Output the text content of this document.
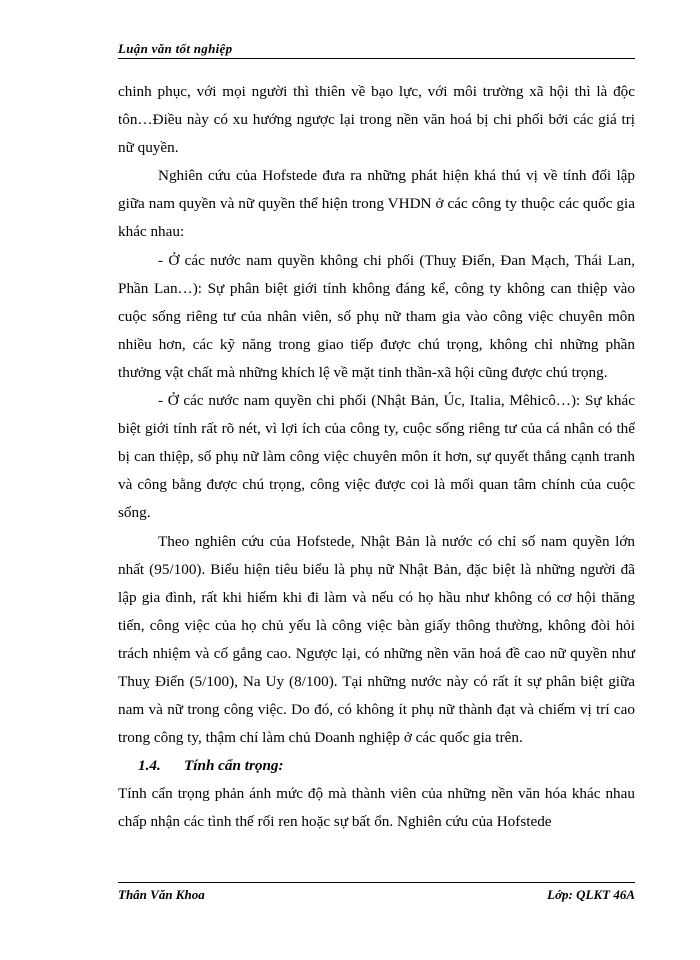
Luận văn tốt nghiệp

chinh phục, với mọi người thì thiên về bạo lực, với môi trường xã hội thì là độc tôn…Điều này có xu hướng ngược lại trong nền văn hoá bị chi phối bởi các giá trị nữ quyền.

Nghiên cứu của Hofstede đưa ra những phát hiện khá thú vị về tính đối lập giữa nam quyền và nữ quyền thể hiện trong VHDN ở các công ty thuộc các quốc gia khác nhau:

- Ở các nước nam quyền không chi phối (Thuỵ Điển, Đan Mạch, Thái Lan, Phần Lan…): Sự phân biệt giới tính không đáng kể, công ty không can thiệp vào cuộc sống riêng tư của nhân viên, số phụ nữ tham gia vào công việc chuyên môn nhiều hơn, các kỹ năng trong giao tiếp được chú trọng, không chỉ những phần thưởng vật chất mà những khích lệ về mặt tinh thần-xã hội cũng được chú trọng.

- Ở các nước nam quyền chi phối (Nhật Bản, Úc, Italia, Mêhicô…): Sự khác biệt giới tính rất rõ nét, vì lợi ích của công ty, cuộc sống riêng tư của cá nhân có thể bị can thiệp, số phụ nữ làm công việc chuyên môn ít hơn, sự quyết thắng cạnh tranh và công bằng được chú trọng, công việc được coi là mối quan tâm chính của cuộc sống.

Theo nghiên cứu của Hofstede, Nhật Bản là nước có chỉ số nam quyền lớn nhất (95/100). Biểu hiện tiêu biểu là phụ nữ Nhật Bản, đặc biệt là những người đã lập gia đình, rất khi hiếm khi đi làm và nếu có họ hầu như không có cơ hội thăng tiến, công việc của họ chủ yếu là công việc bàn giấy thông thường, không đòi hỏi trách nhiệm và cố gắng cao. Ngược lại, có những nền văn hoá đề cao nữ quyền như Thuỵ Điển (5/100), Na Uy (8/100). Tại những nước này có rất ít sự phân biệt giữa nam và nữ trong công việc. Do đó, có không ít phụ nữ thành đạt và chiếm vị trí cao trong công ty, thậm chí làm chủ Doanh nghiệp ở các quốc gia trên.

1.4. Tính cẩn trọng:

Tính cẩn trọng phản ánh mức độ mà thành viên của những nền văn hóa khác nhau chấp nhận các tình thế rối ren hoặc sự bất ổn. Nghiên cứu của Hofstede

Thân Văn Khoa	Lớp: QLKT 46A
